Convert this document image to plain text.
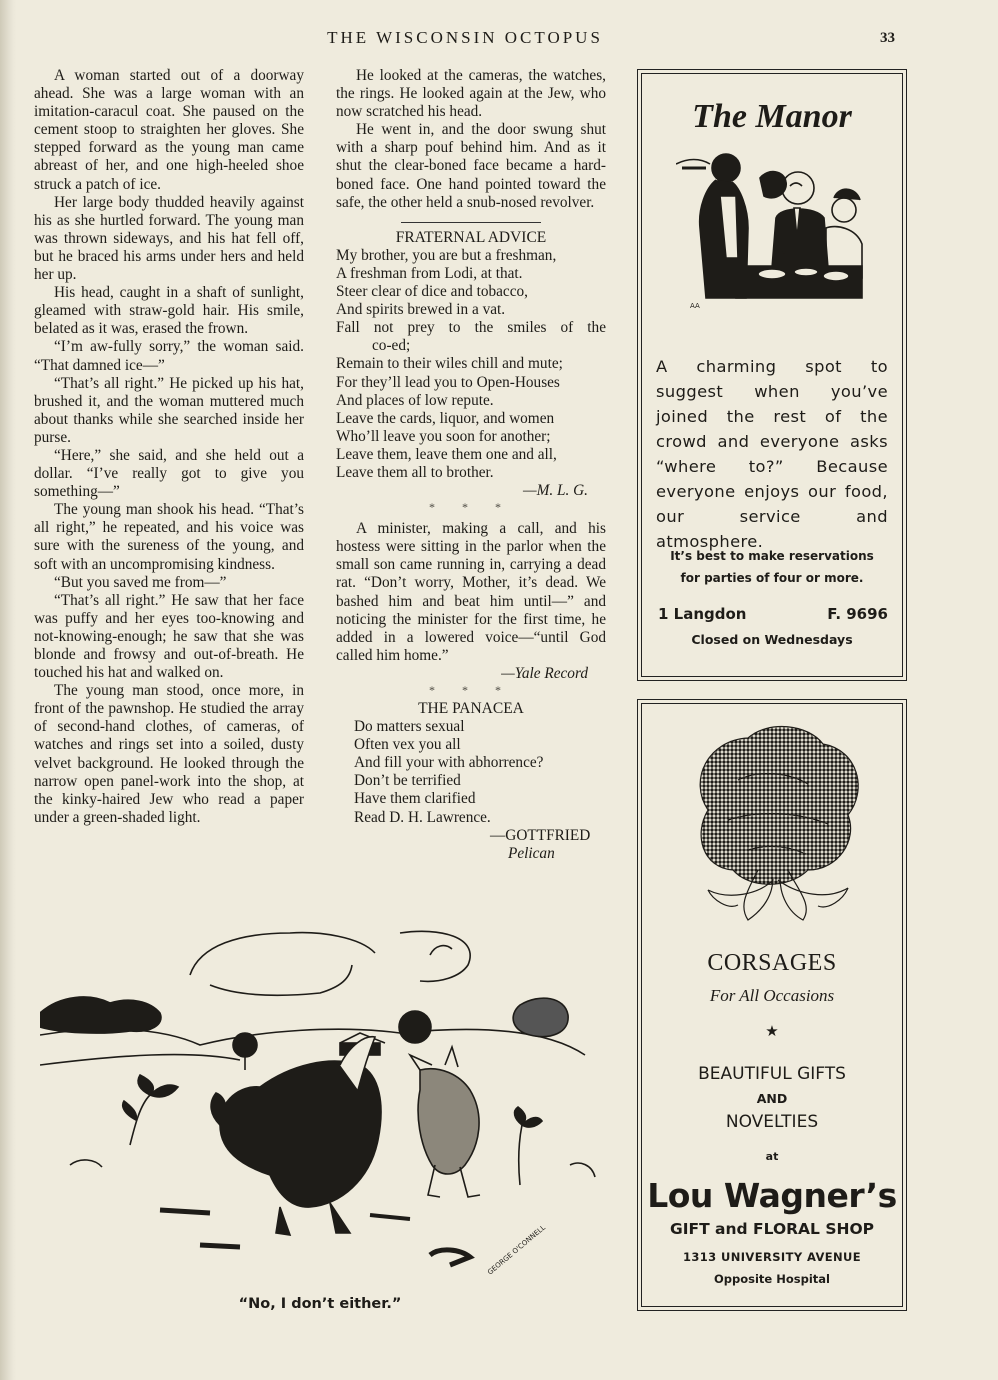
THE WISCONSIN OCTOPUS	33

A woman started out of a doorway ahead. She was a large woman with an imitation-caracul coat. She paused on the cement stoop to straighten her gloves. She stepped forward as the young man came abreast of her, and one high-heeled shoe struck a patch of ice.

Her large body thudded heavily against his as she hurtled forward. The young man was thrown sideways, and his hat fell off, but he braced his arms under hers and held her up.

His head, caught in a shaft of sunlight, gleamed with straw-gold hair. His smile, belated as it was, erased the frown.

“I’m aw-fully sorry,” the woman said. “That damned ice—”

“That’s all right.” He picked up his hat, brushed it, and the woman muttered much about thanks while she searched inside her purse.

“Here,” she said, and she held out a dollar. “I’ve really got to give you something—”

The young man shook his head. “That’s all right,” he repeated, and his voice was sure with the sureness of the young, and soft with an uncompromising kindness.

“But you saved me from—”

“That’s all right.” He saw that her face was puffy and her eyes too-knowing and not-knowing-enough; he saw that she was blonde and frowsy and out-of-breath. He touched his hat and walked on.

The young man stood, once more, in front of the pawnshop. He studied the array of second-hand clothes, of cameras, of watches and rings set into a soiled, dusty velvet background. He looked through the narrow open panel-work into the shop, at the kinky-haired Jew who read a paper under a green-shaded light.

He looked at the cameras, the watches, the rings. He looked again at the Jew, who now scratched his head.

He went in, and the door swung shut with a sharp pouf behind him. And as it shut the clear-boned face became a hard-boned face. One hand pointed toward the safe, the other held a snub-nosed revolver.

FRATERNAL ADVICE
My brother, you are but a freshman,
A freshman from Lodi, at that.
Steer clear of dice and tobacco,
And spirits brewed in a vat.
Fall not prey to the smiles of the
co-ed;
Remain to their wiles chill and mute;
For they’ll lead you to Open-Houses
And places of low repute.
Leave the cards, liquor, and women
Who’ll leave you soon for another;
Leave them, leave them one and all,
Leave them all to brother.
—M. L. G.
* * *

A minister, making a call, and his hostess were sitting in the parlor when the small son came running in, carrying a dead rat. “Don’t worry, Mother, it’s dead. We bashed him and beat him until—” and noticing the minister for the first time, he added in a lowered voice—“until God called him home.”

—Yale Record
* * *
THE PANACEA
Do matters sexual
Often vex you all
And fill your with abhorrence?
Don’t be terrified
Have them clarified
Read D. H. Lawrence.
—GOTTFRIED
Pelican
GEORGE O'CONNELL
“No, I don’t either.”
The Manor
AA
A charming spot to suggest when you’ve joined the rest of the crowd and everyone asks “where to?” Because everyone enjoys our food, our service and atmosphere.
It’s best to make reservations
for parties of four or more.
1 Langdon	F. 9696
Closed on Wednesdays
CORSAGES
For All Occasions
★
BEAUTIFUL GIFTS
AND
NOVELTIES
at
Lou Wagner’s
GIFT and FLORAL SHOP
1313 UNIVERSITY AVENUE
Opposite Hospital
